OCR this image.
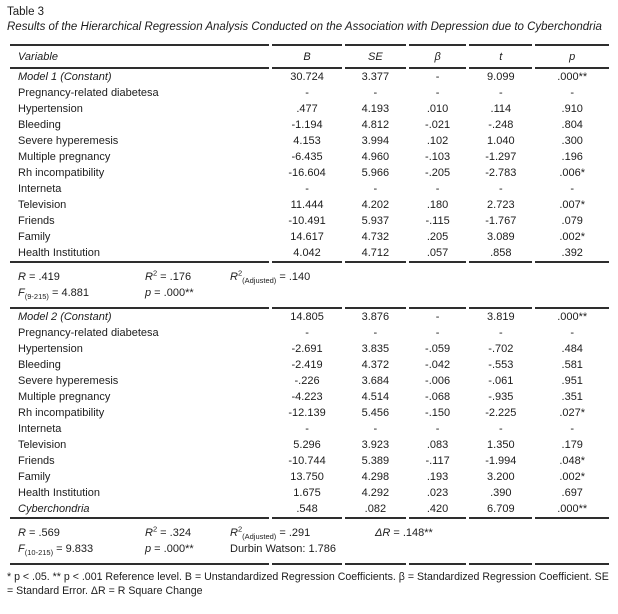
Table 3
Results of the Hierarchical Regression Analysis Conducted on the Association with Depression due to Cyberchondria
Variable	B	SE	β	t	p
Model 1 (Constant)	30.724	3.377	-	9.099	.000**
Pregnancy-related diabetesa	-	-	-	-	-
Hypertension	.477	4.193	.010	.114	.910
Bleeding	-1.194	4.812	-.021	-.248	.804
Severe hyperemesis	4.153	3.994	.102	1.040	.300
Multiple pregnancy	-6.435	4.960	-.103	-1.297	.196
Rh incompatibility	-16.604	5.966	-.205	-2.783	.006*
Interneta	-	-	-	-	-
Television	11.444	4.202	.180	2.723	.007*
Friends	-10.491	5.937	-.115	-1.767	.079
Family	14.617	4.732	.205	3.089	.002*
Health Institution	4.042	4.712	.057	.858	.392

R = .419 $R^2 = .176$ $R^2_{(Adjusted)} = .140$
$F_{(9-215)} = 4.881$ p = .000**					

Model 2 (Constant)	14.805	3.876	-	3.819	.000**
Pregnancy-related diabetesa	-	-	-	-	-
Hypertension	-2.691	3.835	-.059	-.702	.484
Bleeding	-2.419	4.372	-.042	-.553	.581
Severe hyperemesis	-.226	3.684	-.006	-.061	.951
Multiple pregnancy	-4.223	4.514	-.068	-.935	.351
Rh incompatibility	-12.139	5.456	-.150	-2.225	.027*
Interneta	-	-	-	-	-
Television	5.296	3.923	.083	1.350	.179
Friends	-10.744	5.389	-.117	-1.994	.048*
Family	13.750	4.298	.193	3.200	.002*
Health Institution	1.675	4.292	.023	.390	.697
Cyberchondria	.548	.082	.420	6.709	.000**

R = .569	$R^2 = .324$	$R^2_{(Adjusted)} = .291$	ΔR = .148**
$F_{(10-215)} = 9.833$	p = .000**	Durbin Watson: 1.786

* p < .05. ** p < .001 Reference level. B = Unstandardized Regression Coefficients. β = Standardized Regression Coefficient. SE = Standard Error. ΔR = R Square Change
